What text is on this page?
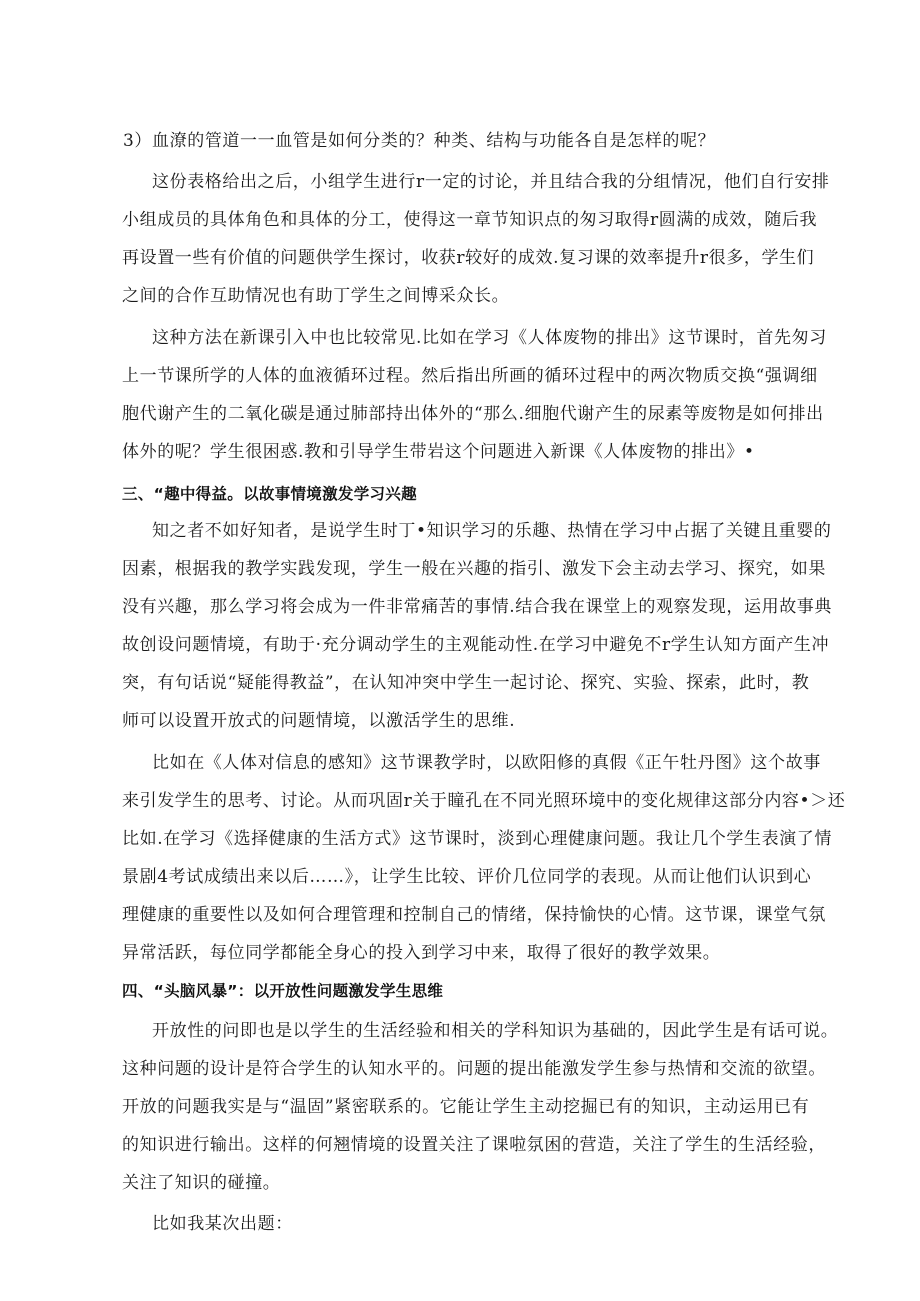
3）血潦的管道一一血管是如何分类的？种类、结构与功能各自是怎样的呢？
这份表格给出之后，小组学生进行r一定的讨论，并且结合我的分组情况，他们自行安排
小组成员的具体角色和具体的分工，使得这一章节知识点的匆习取得r圆满的成效，随后我
再设置一些有价值的问题供学生探讨，收获r较好的成效.复习课的效率提升r很多，学生们
之间的合作互助情况也有助丁学生之间博采众长。
这种方法在新课引入中也比较常见.比如在学习《人体废物的排出》这节课时，首先匆习
上一节课所学的人体的血液循环过程。然后指出所画的循环过程中的两次物质交换“强调细
胞代谢产生的二氧化碳是通过肺部持出体外的“那么.细胞代谢产生的尿素等废物是如何排出
体外的呢？学生很困惑.教和引导学生带岩这个问题进入新课《人体废物的排出》•
三、“趣中得益。以故事情境激发学习兴趣
知之者不如好知者，是说学生时丁•知识学习的乐趣、热情在学习中占据了关键且重婴的
因素，根据我的教学实践发现，学生一般在兴趣的指引、激发下会主动去学习、探究，如果
没有兴趣，那么学习将会成为一件非常痛苦的事情.结合我在课堂上的观察发现，运用故事典
故创设问题情境，有助于·充分调动学生的主观能动性.在学习中避免不r学生认知方面产生冲
突，有句话说“疑能得教益”，在认知冲突中学生一起讨论、探究、实验、探索，此时，教
师可以设置开放式的问题情境，以激活学生的思维.
比如在《人体对信息的感知》这节课教学时，以欧阳修的真假《正午牡丹图》这个故事
来引发学生的思考、讨论。从而巩固r关于瞳孔在不同光照环境中的变化规律这部分内容•＞还
比如.在学习《选择健康的生活方式》这节课时，淡到心理健康问题。我让几个学生表演了情
景剧4考试成绩出来以后……》，让学生比较、评价几位同学的表现。从而让他们认识到心
理健康的重要性以及如何合理管理和控制自己的情绪，保持愉快的心情。这节课，课堂气氛
异常活跃，每位同学都能全身心的投入到学习中来，取得了很好的教学效果。
四、“头脑风暴”：以开放性问题激发学生思维
开放性的问即也是以学生的生活经验和相关的学科知识为基础的，因此学生是有话可说。
这种问题的设计是符合学生的认知水平的。问题的提出能激发学生参与热情和交流的欲望。
开放的问题我实是与“温固”紧密联系的。它能让学生主动挖掘已有的知识，主动运用已有
的知识进行输出。这样的何翘情境的设置关注了课啦氛困的营造，关注了学生的生活经验，
关注了知识的碰撞。
比如我某次出题：
